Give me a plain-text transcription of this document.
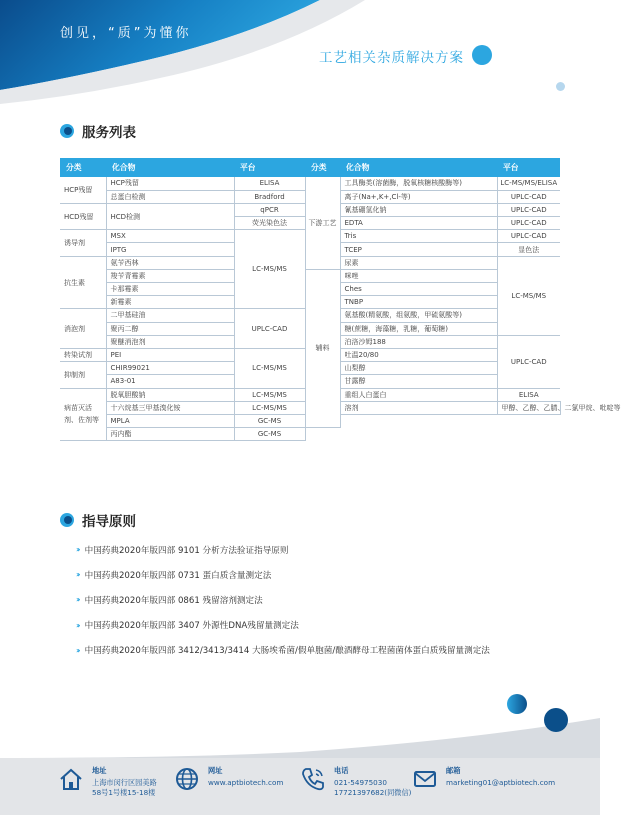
创见，“质”为懂你
工艺相关杂质解决方案
服务列表
分类	化合物	平台	分类	化合物	平台	
HCP残留	HCP残留	ELISA	下游工艺	工具酶类(溶菌酶，脱氧核糖核酸酶等)	LC-MS/MS/ELISA	
	总蛋白检测	Bradford		离子(Na+,K+,Cl-等)	UPLC-CAD	
HCD残留	HCD检测	qPCR		氰基硼氢化钠	UPLC-CAD	
		荧光染色法		EDTA	UPLC-CAD	
诱导剂	MSX	LC-MS/MS		Tris	UPLC-CAD	
	IPTG			TCEP	显色法	
抗生素	氨苄西林			尿素	LC-MS/MS	
	羧苄青霉素		辅料	咪唑		
	卡那霉素			Ches		
	新霉素			TNBP		
消泡剂	二甲基硅油	UPLC-CAD		氨基酸(精氨酸，组氨酸，甲硫氨酸等)		
	聚丙二醇			糖(蔗糖，海藻糖，乳糖，葡萄糖)		
	聚醚消泡剂			泊洛沙姆188	UPLC-CAD	
转染试剂	PEI	LC-MS/MS		吐温20/80		
抑制剂	CHIR99021			山梨醇		
	A83-01			甘露醇		
病苗灭活剂、佐剂等	脱氧胆酸钠	LC-MS/MS		重组人白蛋白	ELISA	
	十六烷基三甲基溴化铵	LC-MS/MS		溶剂	甲醇、乙醇、乙腈、二氯甲烷、吡啶等	
	MPLA	GC-MS				
	丙内酯	GC-MS				
指导原则
›› 中国药典2020年版四部 9101 分析方法验证指导原则
›› 中国药典2020年版四部 0731 蛋白质含量测定法
›› 中国药典2020年版四部 0861 残留溶剂测定法
›› 中国药典2020年版四部 3407 外源性DNA残留量测定法
›› 中国药典2020年版四部 3412/3413/3414 大肠埃希菌/假单胞菌/酿酒酵母工程菌菌体蛋白质残留量测定法
地址
上海市闵行区园美路
58号1号楼15-18楼
网址
www.aptbiotech.com
电话
021-54975030
17721397682(同微信)
邮箱
marketing01@aptbiotech.com
